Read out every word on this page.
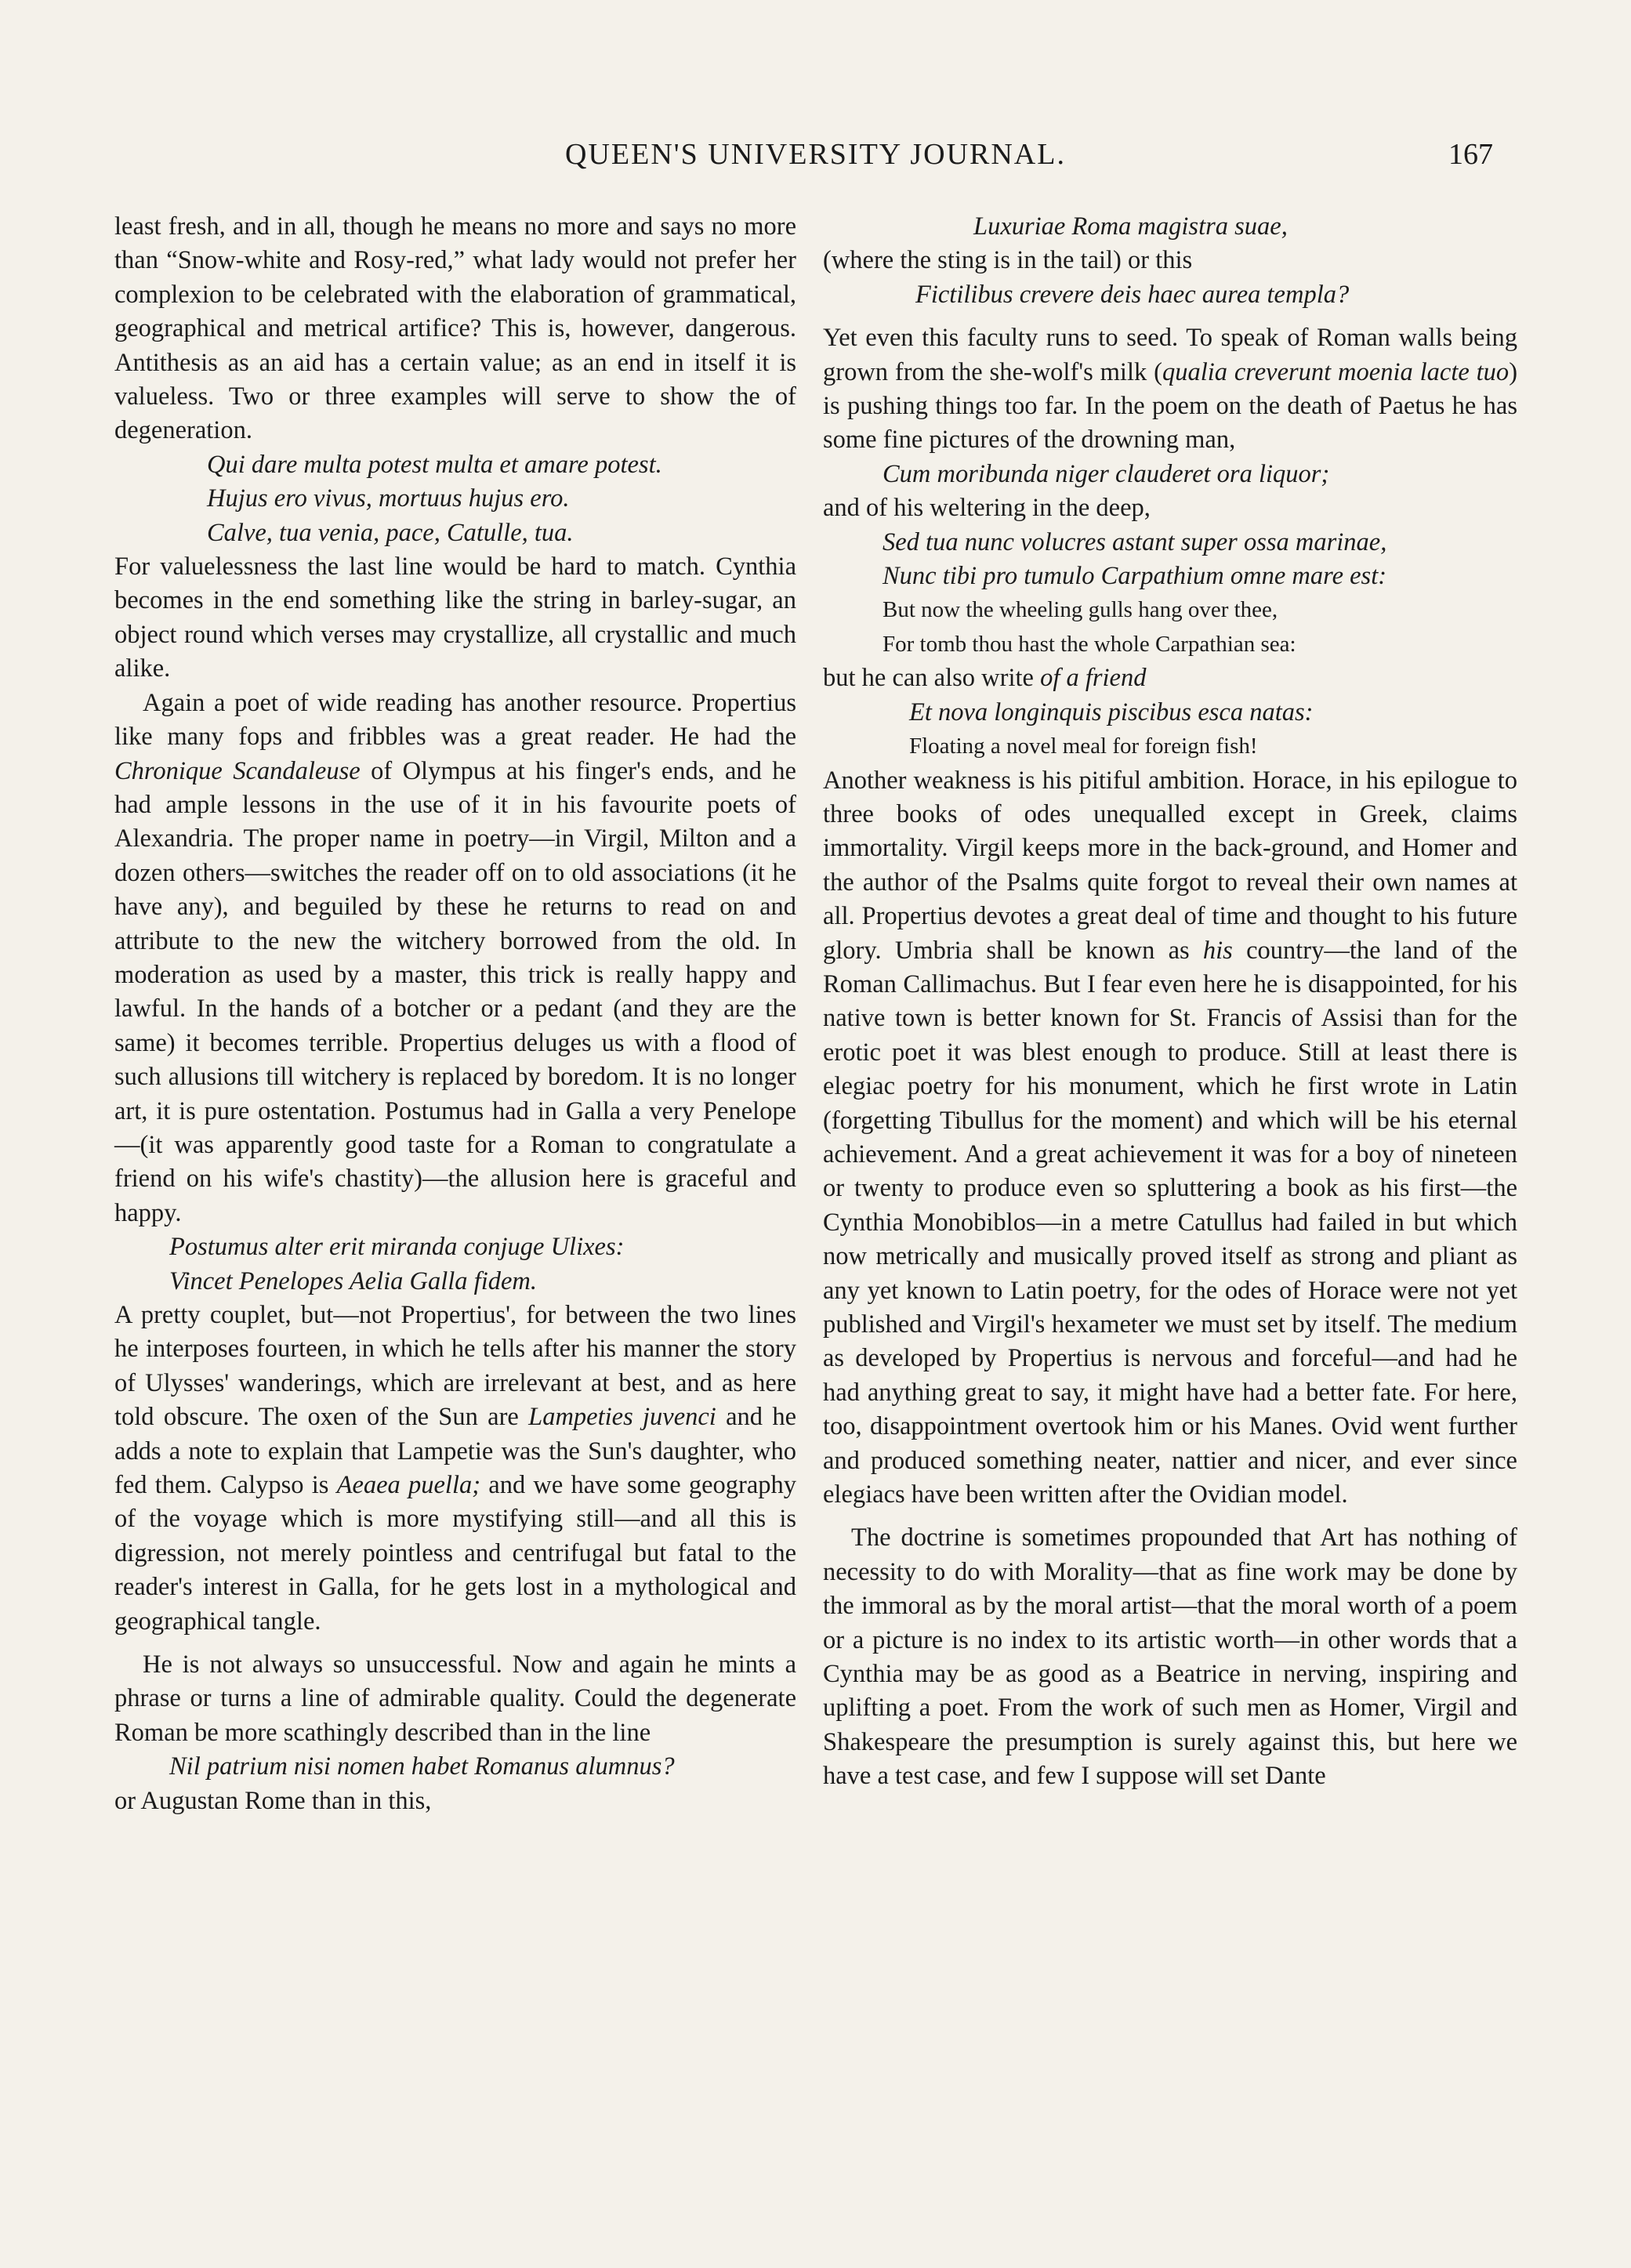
QUEEN'S UNIVERSITY JOURNAL.	167

least fresh, and in all, though he means no more and says no more than “Snow-white and Rosy-red,” what lady would not prefer her complexion to be celebrated with the elaboration of grammatical, geographical and metrical artifice? This is, however, dangerous. Antithesis as an aid has a certain value; as an end in itself it is valueless. Two or three examples will serve to show the of degeneration.

Qui dare multa potest multa et amare potest.

Hujus ero vivus, mortuus hujus ero.

Calve, tua venia, pace, Catulle, tua.

For valuelessness the last line would be hard to match. Cynthia becomes in the end something like the string in barley-sugar, an object round which verses may crystallize, all crystallic and much alike.

Again a poet of wide reading has another resource. Propertius like many fops and fribbles was a great reader. He had the Chronique Scandaleuse of Olympus at his finger's ends, and he had ample lessons in the use of it in his favourite poets of Alexandria. The proper name in poetry—in Virgil, Milton and a dozen others—switches the reader off on to old associations (it he have any), and beguiled by these he returns to read on and attribute to the new the witchery borrowed from the old. In moderation as used by a master, this trick is really happy and lawful. In the hands of a botcher or a pedant (and they are the same) it becomes terrible. Propertius deluges us with a flood of such allusions till witchery is replaced by boredom. It is no longer art, it is pure ostentation. Postumus had in Galla a very Penelope—(it was apparently good taste for a Roman to congratulate a friend on his wife's chastity)—the allusion here is graceful and happy.

Postumus alter erit miranda conjuge Ulixes:

Vincet Penelopes Aelia Galla fidem.

A pretty couplet, but—not Propertius', for between the two lines he interposes fourteen, in which he tells after his manner the story of Ulysses' wanderings, which are irrelevant at best, and as here told obscure. The oxen of the Sun are Lampeties juvenci and he adds a note to explain that Lampetie was the Sun's daughter, who fed them. Calypso is Aeaea puella; and we have some geography of the voyage which is more mystifying still—and all this is digression, not merely pointless and centrifugal but fatal to the reader's interest in Galla, for he gets lost in a mythological and geographical tangle.

He is not always so unsuccessful. Now and again he mints a phrase or turns a line of admirable quality. Could the degenerate Roman be more scathingly described than in the line

Nil patrium nisi nomen habet Romanus alumnus?

or Augustan Rome than in this,

Luxuriae Roma magistra suae,

(where the sting is in the tail) or this

Fictilibus crevere deis haec aurea templa?

Yet even this faculty runs to seed. To speak of Roman walls being grown from the she-wolf's milk (qualia creverunt moenia lacte tuo) is pushing things too far. In the poem on the death of Paetus he has some fine pictures of the drowning man,

Cum moribunda niger clauderet ora liquor;

and of his weltering in the deep,

Sed tua nunc volucres astant super ossa marinae,

Nunc tibi pro tumulo Carpathium omne mare est:

But now the wheeling gulls hang over thee,

For tomb thou hast the whole Carpathian sea:

but he can also write of a friend

Et nova longinquis piscibus esca natas:

Floating a novel meal for foreign fish!

Another weakness is his pitiful ambition. Horace, in his epilogue to three books of odes unequalled except in Greek, claims immortality. Virgil keeps more in the back-ground, and Homer and the author of the Psalms quite forgot to reveal their own names at all. Propertius devotes a great deal of time and thought to his future glory. Umbria shall be known as his country—the land of the Roman Callimachus. But I fear even here he is disappointed, for his native town is better known for St. Francis of Assisi than for the erotic poet it was blest enough to produce. Still at least there is elegiac poetry for his monument, which he first wrote in Latin (forgetting Tibullus for the moment) and which will be his eternal achievement. And a great achievement it was for a boy of nineteen or twenty to produce even so spluttering a book as his first—the Cynthia Monobiblos—in a metre Catullus had failed in but which now metrically and musically proved itself as strong and pliant as any yet known to Latin poetry, for the odes of Horace were not yet published and Virgil's hexameter we must set by itself. The medium as developed by Propertius is nervous and forceful—and had he had anything great to say, it might have had a better fate. For here, too, disappointment overtook him or his Manes. Ovid went further and produced something neater, nattier and nicer, and ever since elegiacs have been written after the Ovidian model.

The doctrine is sometimes propounded that Art has nothing of necessity to do with Morality—that as fine work may be done by the immoral as by the moral artist—that the moral worth of a poem or a picture is no index to its artistic worth—in other words that a Cynthia may be as good as a Beatrice in nerving, inspiring and uplifting a poet. From the work of such men as Homer, Virgil and Shakespeare the presumption is surely against this, but here we have a test case, and few I suppose will set Dante
